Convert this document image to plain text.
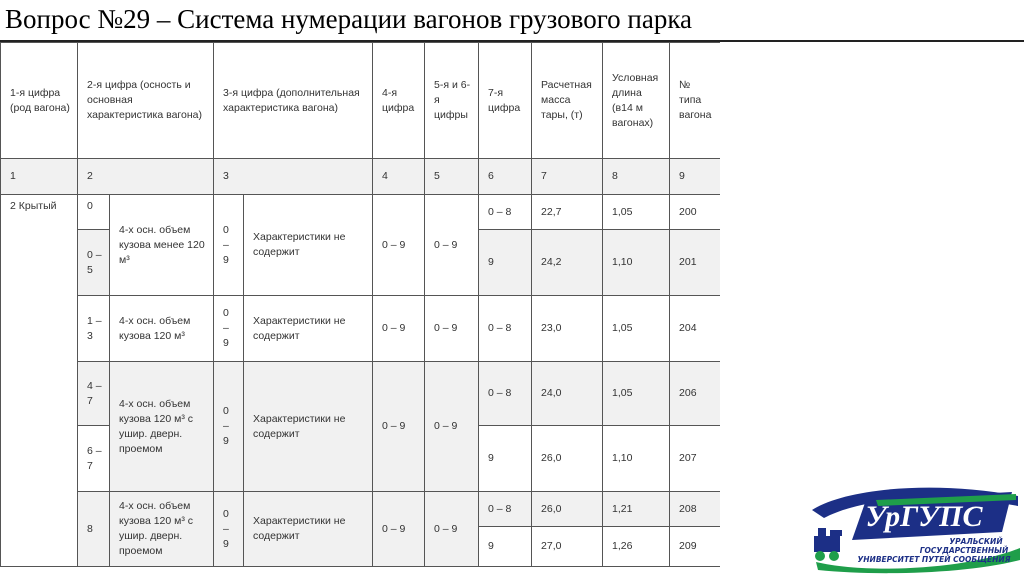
Вопрос №29 – Система нумерации вагонов грузового парка
1-я цифра (род вагона)	2-я цифра (осность и основная характеристика вагона)		3-я цифра (дополнительная характеристика вагона)		4-я цифра	5-я и 6-я цифры	7-я цифра	Расчетная масса тары, (т)	Условная длина (в14 м вагонах)	№ типа вагона
1	2		3		4	5	6	7	8	9
2 Крытый	0	4-х осн. объем кузова менее 120 м³	0 – 9	Характеристики не содержит	0 – 9	0 – 9	0 – 8	22,7	1,05	200
	0 – 5						9	24,2	1,10	201
	1 – 3	4-х осн. объем кузова 120 м³	0 – 9	Характеристики не содержит	0 – 9	0 – 9	0 – 8	23,0	1,05	204
	4 – 7	4-х осн. объем кузова 120 м³ с ушир. дверн. проемом	0 – 9	Характеристики не содержит	0 – 9	0 – 9	0 – 8	24,0	1,05	206
	6 – 7						9	26,0	1,10	207
	8	4-х осн. объем кузова 120 м³ с ушир. дверн. проемом	0 – 9	Характеристики не содержит	0 – 9	0 – 9	0 – 8	26,0	1,21	208
							9	27,0	1,26	209
УрГУПС
УРАЛЬСКИЙ
ГОСУДАРСТВЕННЫЙ
УНИВЕРСИТЕТ ПУТЕЙ СООБЩЕНИЯ
